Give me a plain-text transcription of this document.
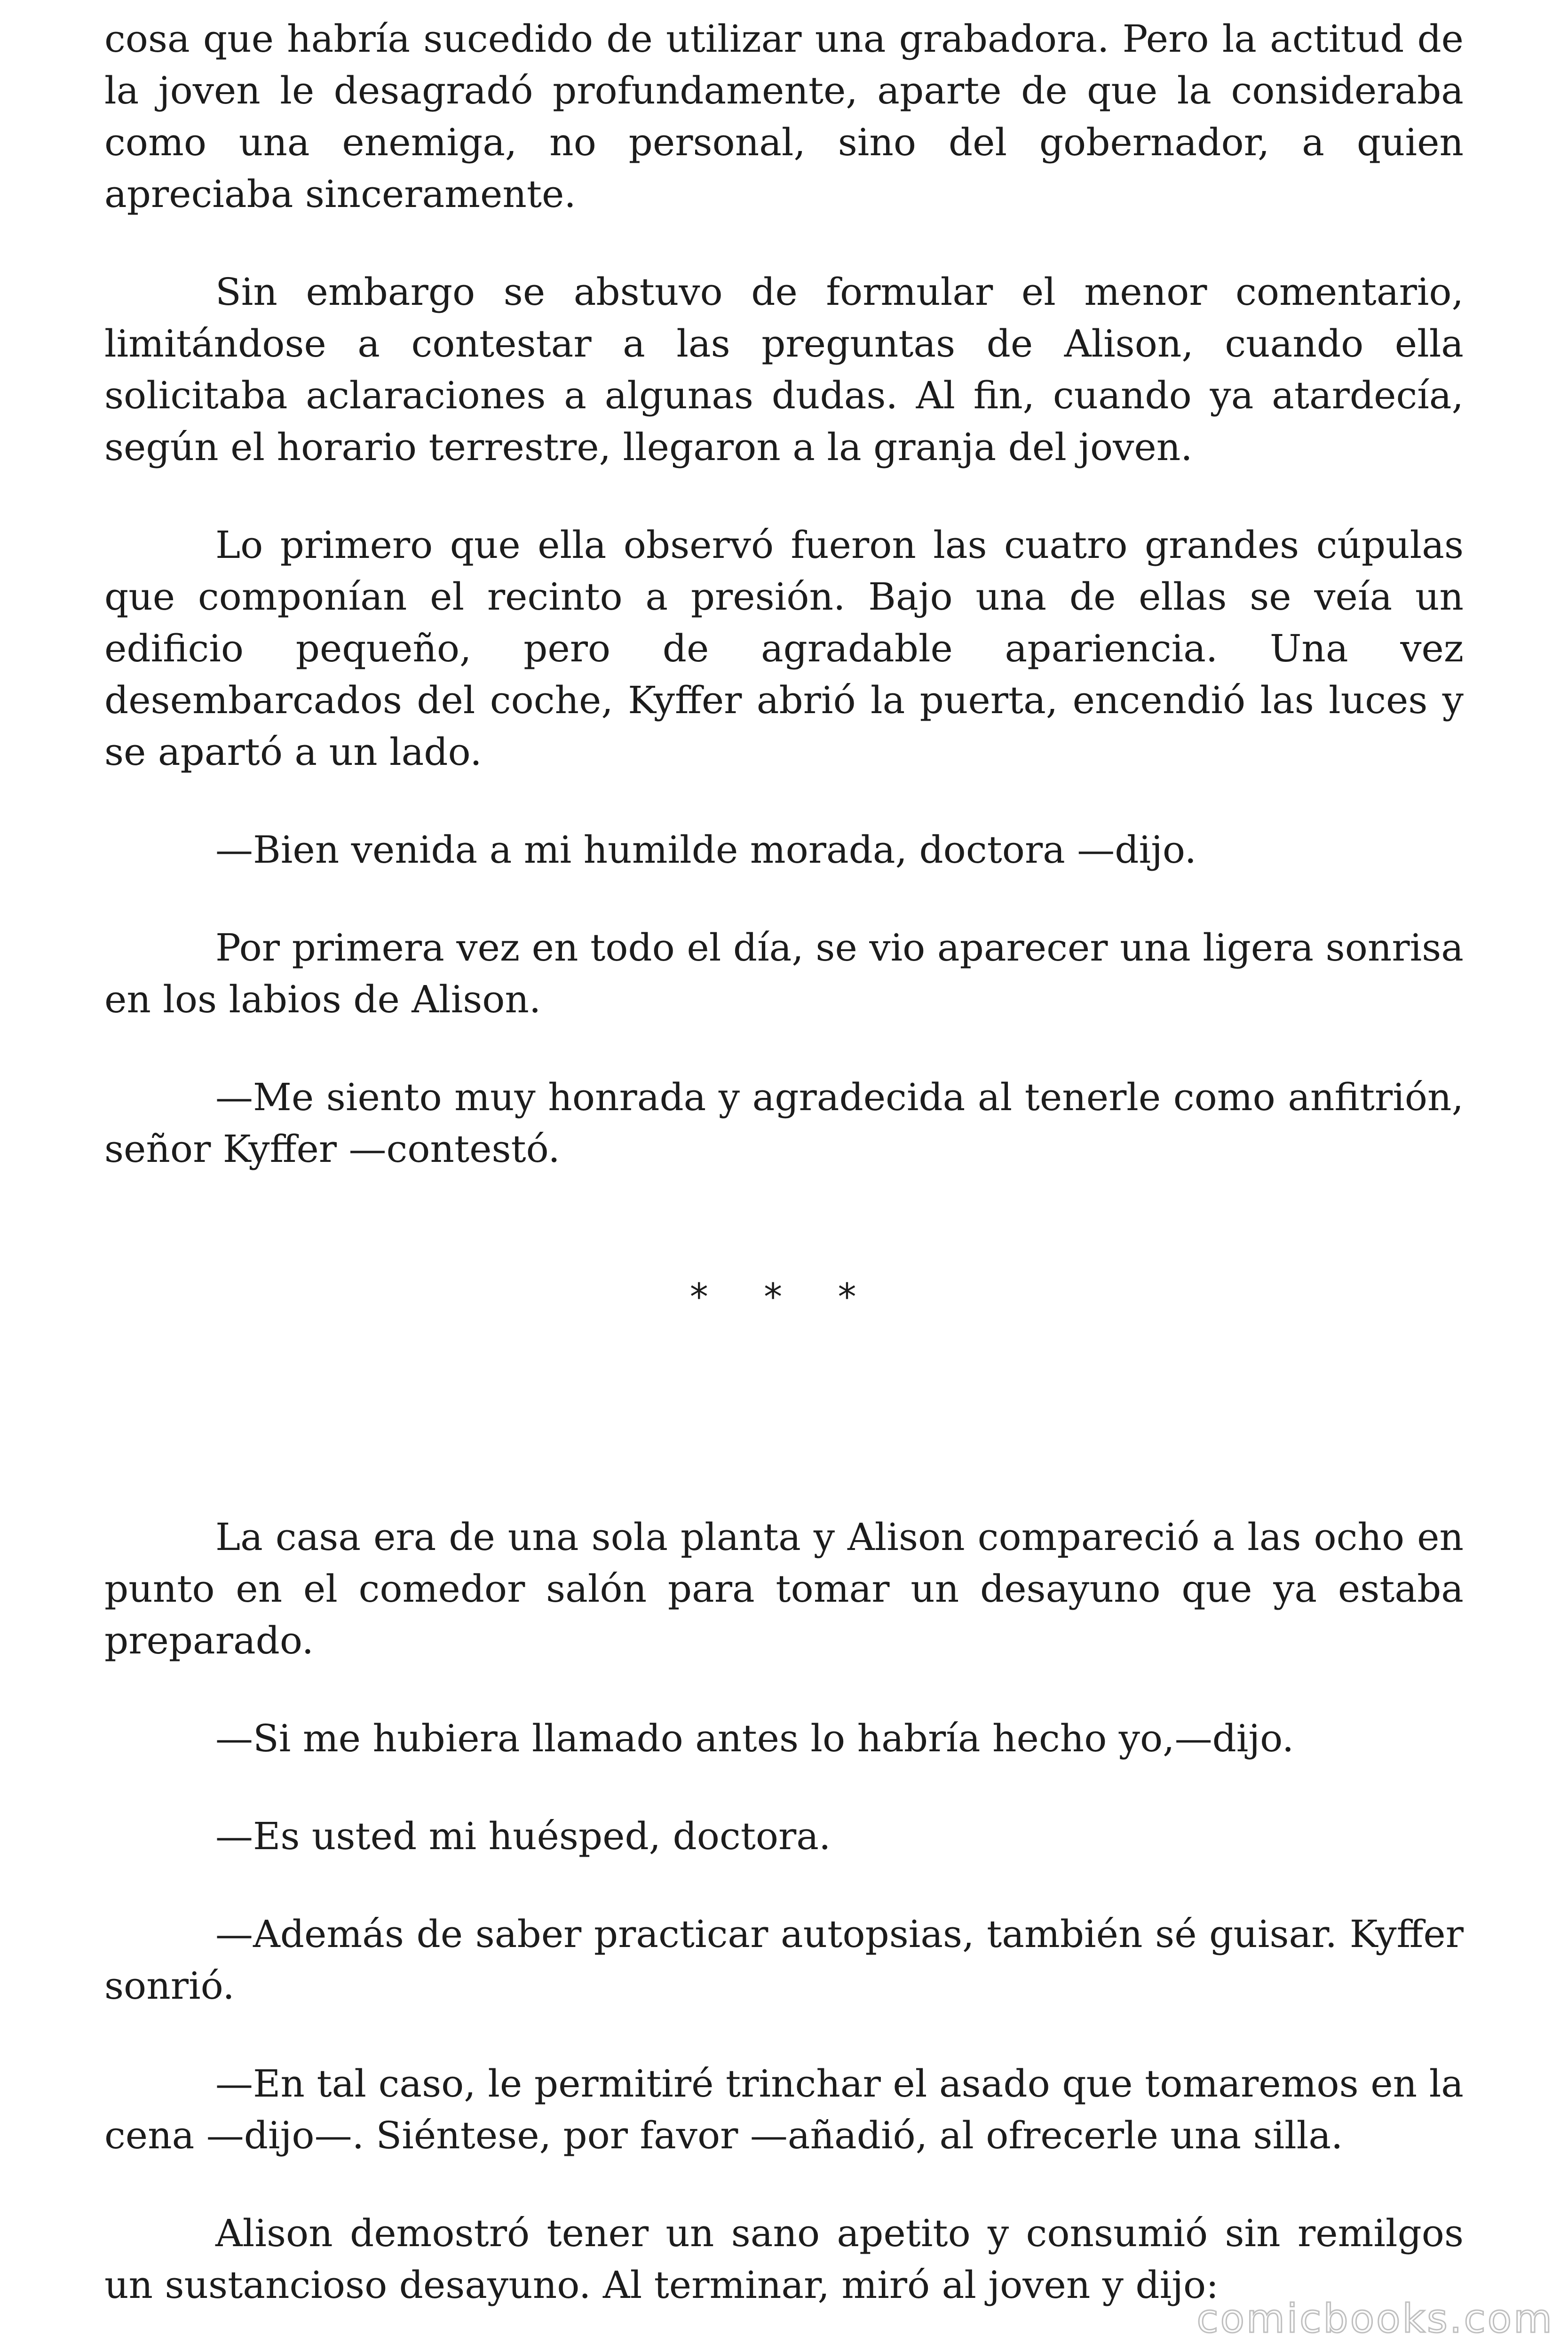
cosa que habría sucedido de utilizar una grabadora. Pero la actitud de la joven le desagradó profundamente, aparte de que la consideraba como una enemiga, no personal, sino del gobernador, a quien apreciaba sinceramente.

Sin embargo se abstuvo de formular el menor comentario, limitándose a contestar a las preguntas de Alison, cuando ella solicitaba aclaraciones a algunas dudas. Al fin, cuando ya atardecía, según el horario terrestre, llegaron a la granja del joven.

Lo primero que ella observó fueron las cuatro grandes cúpulas que componían el recinto a presión. Bajo una de ellas se veía un edificio pequeño, pero de agradable apariencia. Una vez desembarcados del coche, Kyffer abrió la puerta, encendió las luces y se apartó a un lado.

—Bien venida a mi humilde morada, doctora —dijo.

Por primera vez en todo el día, se vio aparecer una ligera sonrisa en los labios de Alison.

—Me siento muy honrada y agradecida al tenerle como anfitrión, señor Kyffer —contestó.

* * *

La casa era de una sola planta y Alison compareció a las ocho en punto en el comedor salón para tomar un desayuno que ya estaba preparado.

—Si me hubiera llamado antes lo habría hecho yo,—dijo.

—Es usted mi huésped, doctora.

—Además de saber practicar autopsias, también sé guisar. Kyffer sonrió.

—En tal caso, le permitiré trinchar el asado que tomaremos en la cena —dijo—. Siéntese, por favor —añadió, al ofrecerle una silla.

Alison demostró tener un sano apetito y consumió sin remilgos un sustancioso desayuno. Al terminar, miró al joven y dijo:

comicbooks.com
